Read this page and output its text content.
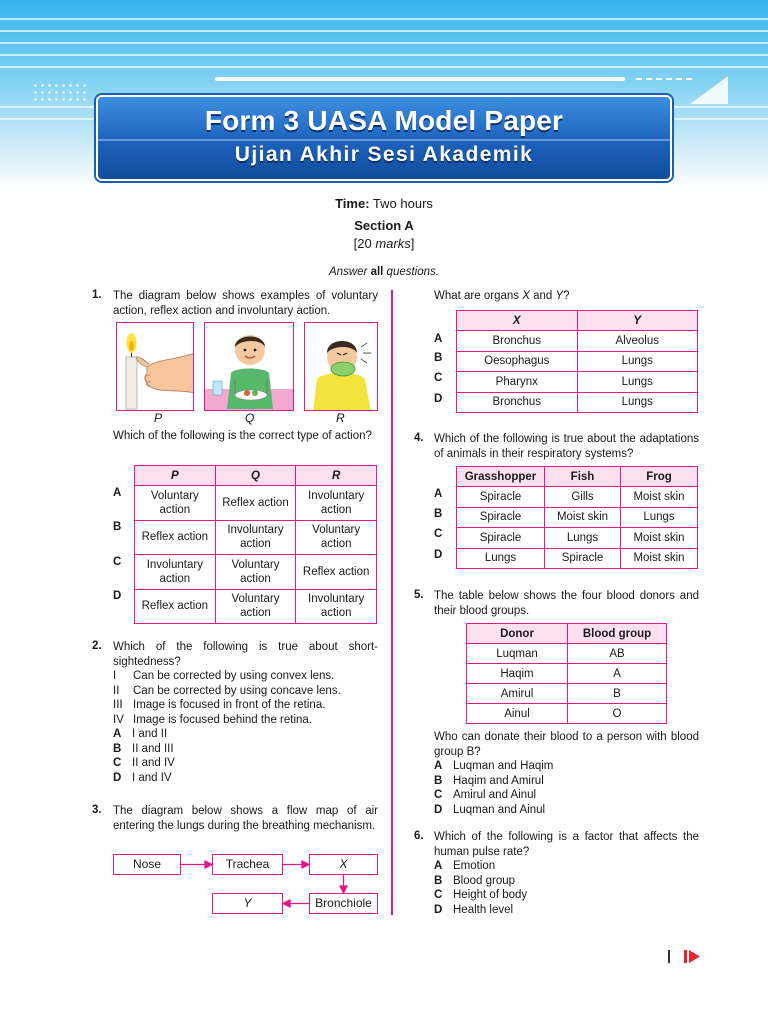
Form 3 UASA Model Paper
Ujian Akhir Sesi Akademik
Time: Two hours
Section A
[20 marks]
Answer all questions.
1. The diagram below shows examples of voluntary action, reflex action and involuntary action.
P	Q	R
Which of the following is the correct type of action?
A
B
C
D
P	Q	R
Voluntary action	Reflex action	Involuntary action
Reflex action	Involuntary action	Voluntary action
Involuntary action	Voluntary action	Reflex action
Reflex action	Voluntary action	Involuntary action
2. Which of the following is true about short-sightedness?
I Can be corrected by using convex lens.
II Can be corrected by using concave lens.
III Image is focused in front of the retina.
IV Image is focused behind the retina.
A I and II
B II and III
C II and IV
D I and IV
3. The diagram below shows a flow map of air entering the lungs during the breathing mechanism.
Nose	Trachea	X
Bronchiole
Y
What are organs X and Y?
A
B
C
D
X	Y
Bronchus	Alveolus
Oesophagus	Lungs
Pharynx	Lungs
Bronchus	Lungs
4. Which of the following is true about the adaptations of animals in their respiratory systems?
A
B
C
D
Grasshopper	Fish	Frog
Spiracle	Gills	Moist skin
Spiracle	Moist skin	Lungs
Spiracle	Lungs	Moist skin
Lungs	Spiracle	Moist skin
5. The table below shows the four blood donors and their blood groups.
Donor	Blood group
Luqman	AB
Haqim	A
Amirul	B
Ainul	O
Who can donate their blood to a person with blood group B?
A Luqman and Haqim
B Haqim and Amirul
C Amirul and Ainul
D Luqman and Ainul
6. Which of the following is a factor that affects the human pulse rate?
A Emotion
B Blood group
C Height of body
D Health level
